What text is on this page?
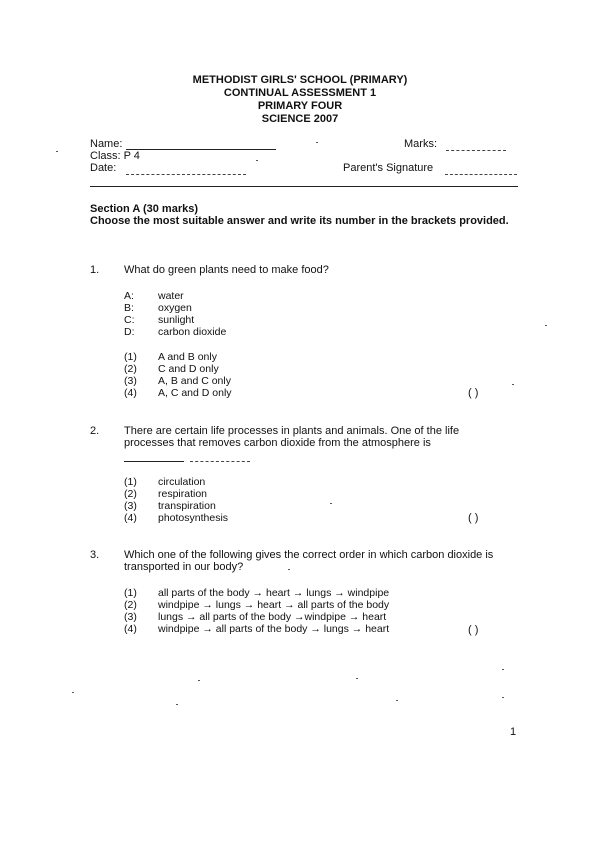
METHODIST GIRLS' SCHOOL (PRIMARY)
CONTINUAL ASSESSMENT 1
PRIMARY FOUR
SCIENCE 2007
Name:	Marks:
Class: P 4
Date:	Parent's Signature
Section A (30 marks)
Choose the most suitable answer and write its number in the brackets provided.
1. What do green plants need to make food?
A: water
B: oxygen
C: sunlight
D: carbon dioxide
(1) A and B only
(2) C and D only
(3) A, B and C only
(4) A, C and D only	( )
2. There are certain life processes in plants and animals. One of the life
processes that removes carbon dioxide from the atmosphere is
(1) circulation
(2) respiration
(3) transpiration
(4) photosynthesis	( )
3. Which one of the following gives the correct order in which carbon dioxide is
transported in our body?
(1) all parts of the body → heart → lungs → windpipe
(2) windpipe → lungs → heart → all parts of the body
(3) lungs → all parts of the body →windpipe → heart
(4) windpipe → all parts of the body → lungs → heart	( )
1
